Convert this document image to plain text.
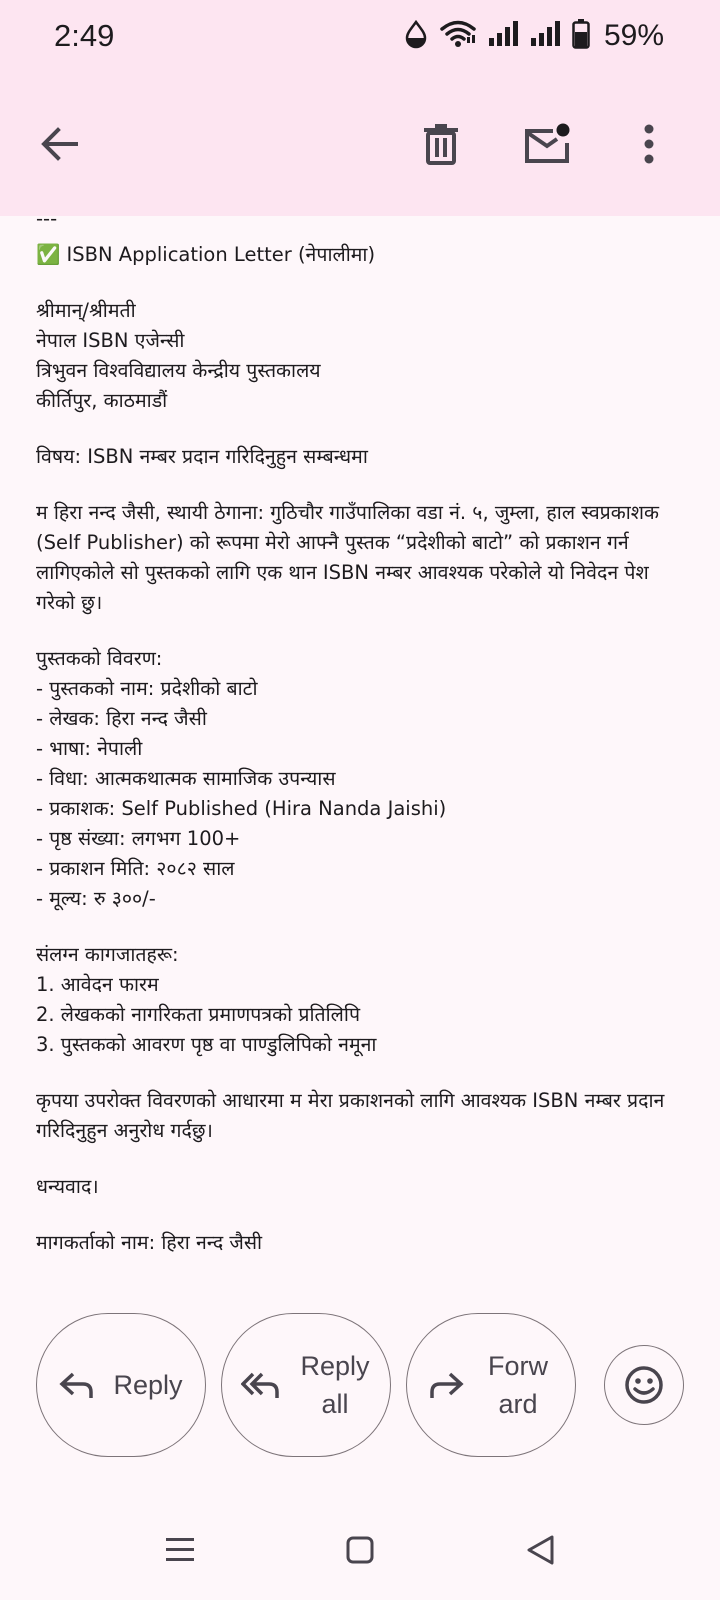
2:49	59%

---

✅ ISBN Application Letter (नेपालीमा)

श्रीमान्/श्रीमती
नेपाल ISBN एजेन्सी
त्रिभुवन विश्वविद्यालय केन्द्रीय पुस्तकालय
कीर्तिपुर, काठमाडौं

विषय: ISBN नम्बर प्रदान गरिदिनुहुन सम्बन्धमा

म हिरा नन्द जैसी, स्थायी ठेगाना: गुठिचौर गाउँपालिका वडा नं. ५, जुम्ला, हाल स्वप्रकाशक (Self Publisher) को रूपमा मेरो आफ्नै पुस्तक “प्रदेशीको बाटो” को प्रकाशन गर्न लागिएकोले सो पुस्तकको लागि एक थान ISBN नम्बर आवश्यक परेकोले यो निवेदन पेश गरेको छु।

पुस्तकको विवरण:
- पुस्तकको नाम: प्रदेशीको बाटो
- लेखक: हिरा नन्द जैसी
- भाषा: नेपाली
- विधा: आत्मकथात्मक सामाजिक उपन्यास
- प्रकाशक: Self Published (Hira Nanda Jaishi)
- पृष्ठ संख्या: लगभग 100+
- प्रकाशन मिति: २०८२ साल
- मूल्य: रु ३००/-

संलग्न कागजातहरू:
1. आवेदन फारम
2. लेखकको नागरिकता प्रमाणपत्रको प्रतिलिपि
3. पुस्तकको आवरण पृष्ठ वा पाण्डुलिपिको नमूना

कृपया उपरोक्त विवरणको आधारमा म मेरा प्रकाशनको लागि आवश्यक ISBN नम्बर प्रदान गरिदिनुहुन अनुरोध गर्दछु।

धन्यवाद।

मागकर्ताको नाम: हिरा नन्द जैसी

Reply
Reply all
Forw ard
